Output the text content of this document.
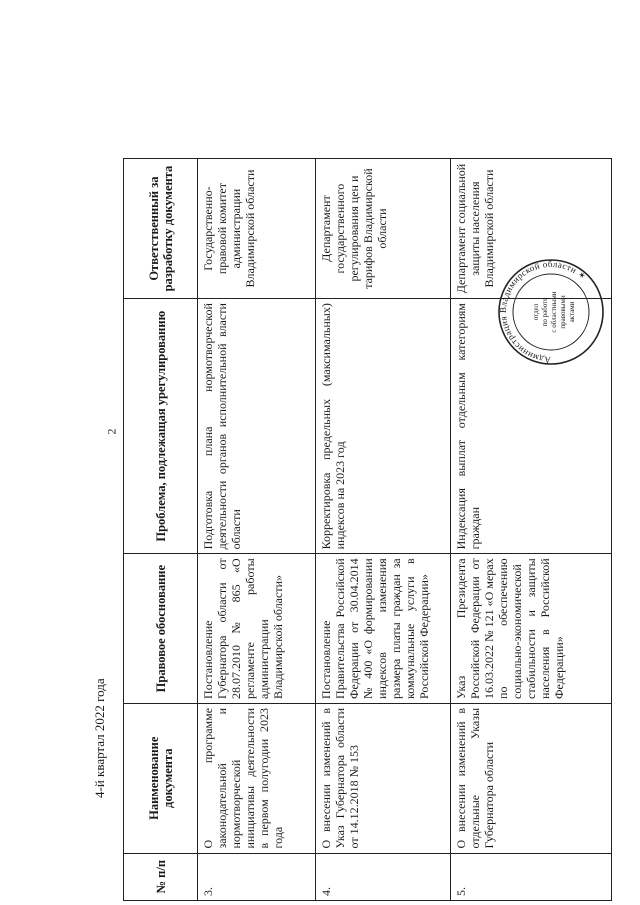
2
4-й квартал 2022 года
№ п/п	Наименование документа	Правовое обоснование	Проблема, подлежащая урегулированию	Ответственный за разработку документа
3.	О программе законодательной и нормотворческой инициативы деятельности в первом полугодии 2023 года	Постановление Губернатора области от 28.07.2010 № 865 «О регламенте работы администрации Владимирской области»	Подготовка плана нормотворческой деятельности органов исполнительной власти области	Государственно-правовой комитет администрации Владимирской области
4.	О внесении изменений в Указ Губернатора области от 14.12.2018 № 153	Постановление Правительства Российской Федерации от 30.04.2014 № 400 «О формировании индексов изменения размера платы граждан за коммунальные услуги в Российской Федерации»	Корректировка предельных (максимальных) индексов на 2023 год	Департамент государственного регулирования цен и тарифов Владимирской области
5.	О внесении изменений в отдельные Указы Губернатора области	Указ Президента Российской Федерации от 16.03.2022 № 121 «О мерах по обеспечению социально-экономической стабильности и защиты населения в Российской Федерации»	Индексация выплат отдельным категориям граждан	Департамент социальной защиты населения Владимирской области
Администрация Владимирской области ✶
отдел по работе с областными правовыми актами
